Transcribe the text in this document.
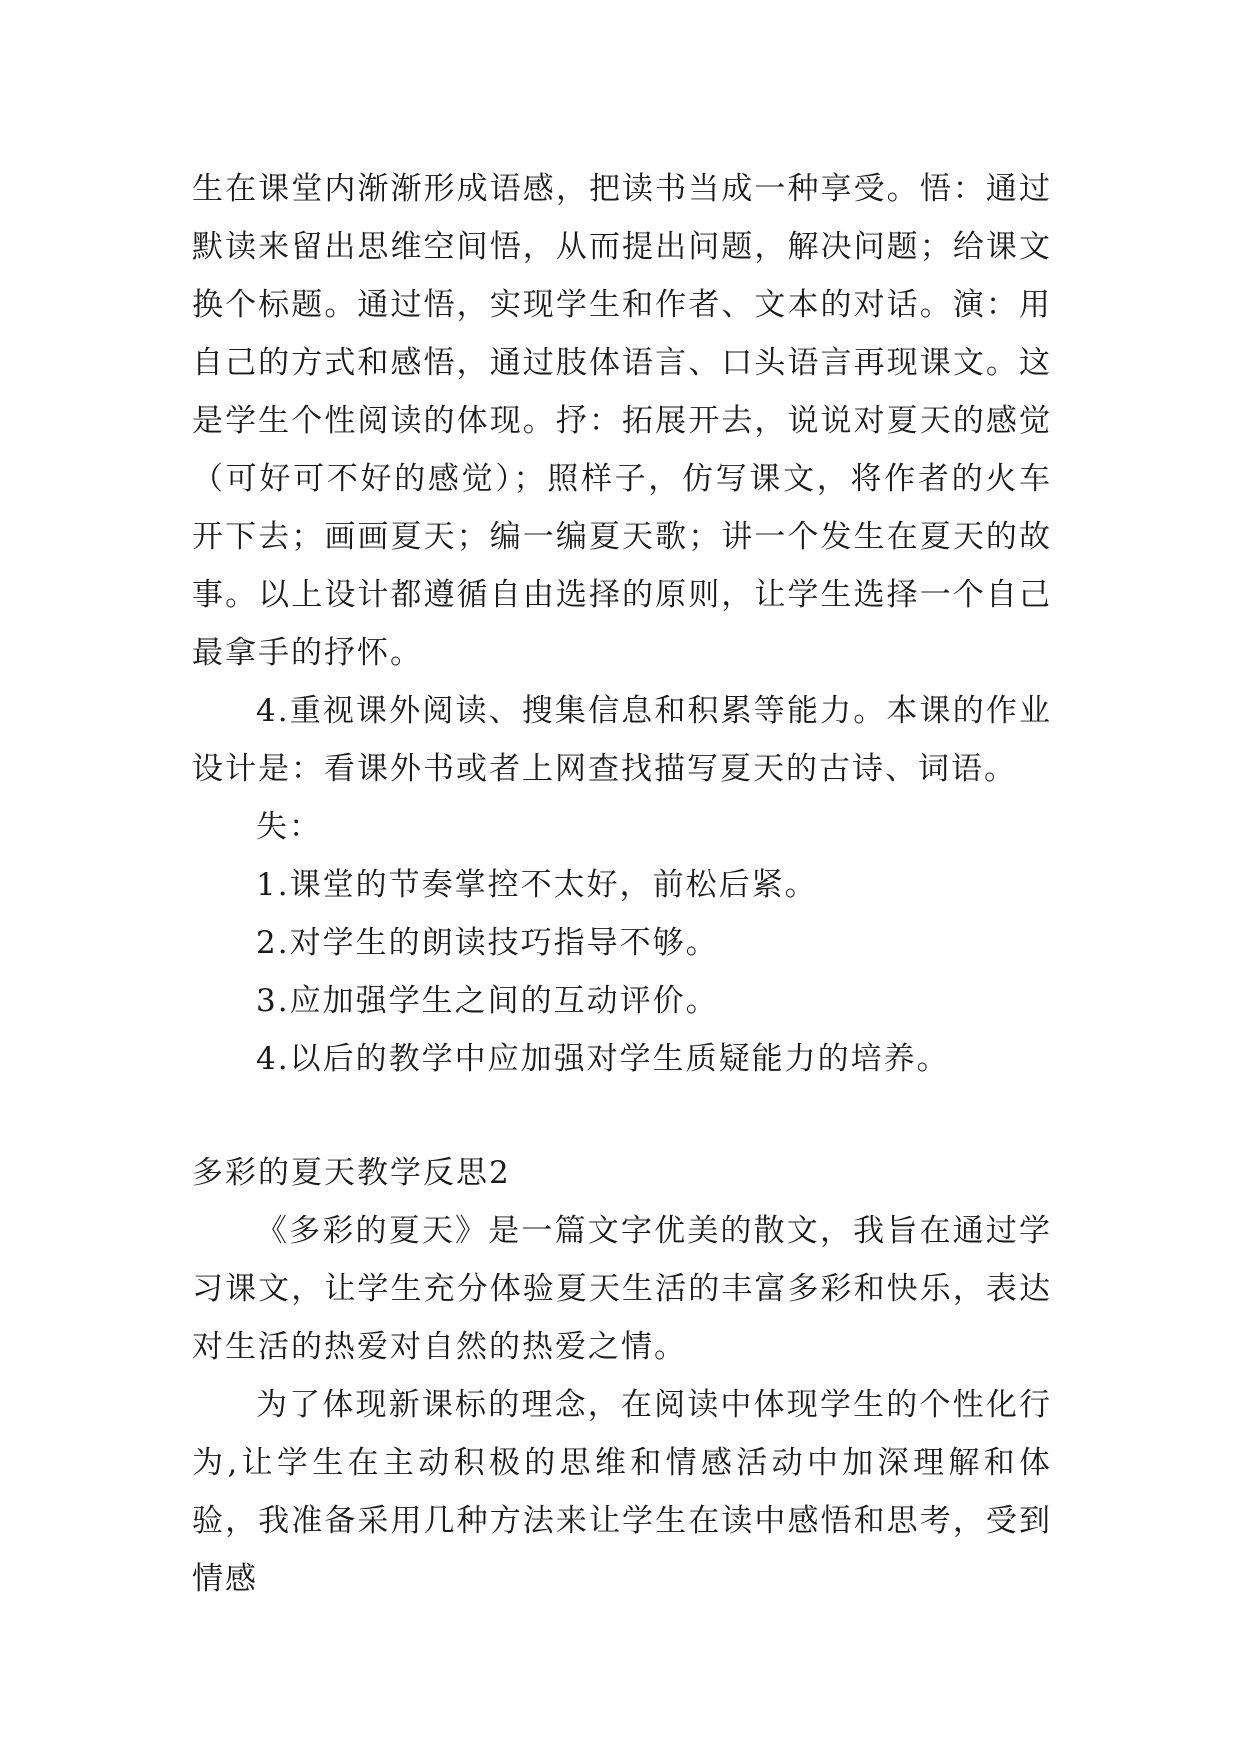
生在课堂内渐渐形成语感，把读书当成一种享受。悟：通过默读来留出思维空间悟，从而提出问题，解决问题；给课文换个标题。通过悟，实现学生和作者、文本的对话。演：用自己的方式和感悟，通过肢体语言、口头语言再现课文。这是学生个性阅读的体现。抒：拓展开去，说说对夏天的感觉（可好可不好的感觉）；照样子，仿写课文，将作者的火车开下去；画画夏天；编一编夏天歌；讲一个发生在夏天的故事。以上设计都遵循自由选择的原则，让学生选择一个自己最拿手的抒怀。

4.重视课外阅读、搜集信息和积累等能力。本课的作业设计是：看课外书或者上网查找描写夏天的古诗、词语。

失：

1.课堂的节奏掌控不太好，前松后紧。

2.对学生的朗读技巧指导不够。

3.应加强学生之间的互动评价。

4.以后的教学中应加强对学生质疑能力的培养。

多彩的夏天教学反思2

《多彩的夏天》是一篇文字优美的散文，我旨在通过学习课文，让学生充分体验夏天生活的丰富多彩和快乐，表达对生活的热爱对自然的热爱之情。

为了体现新课标的理念，在阅读中体现学生的个性化行为,让学生在主动积极的思维和情感活动中加深理解和体验，我准备采用几种方法来让学生在读中感悟和思考，受到情感
